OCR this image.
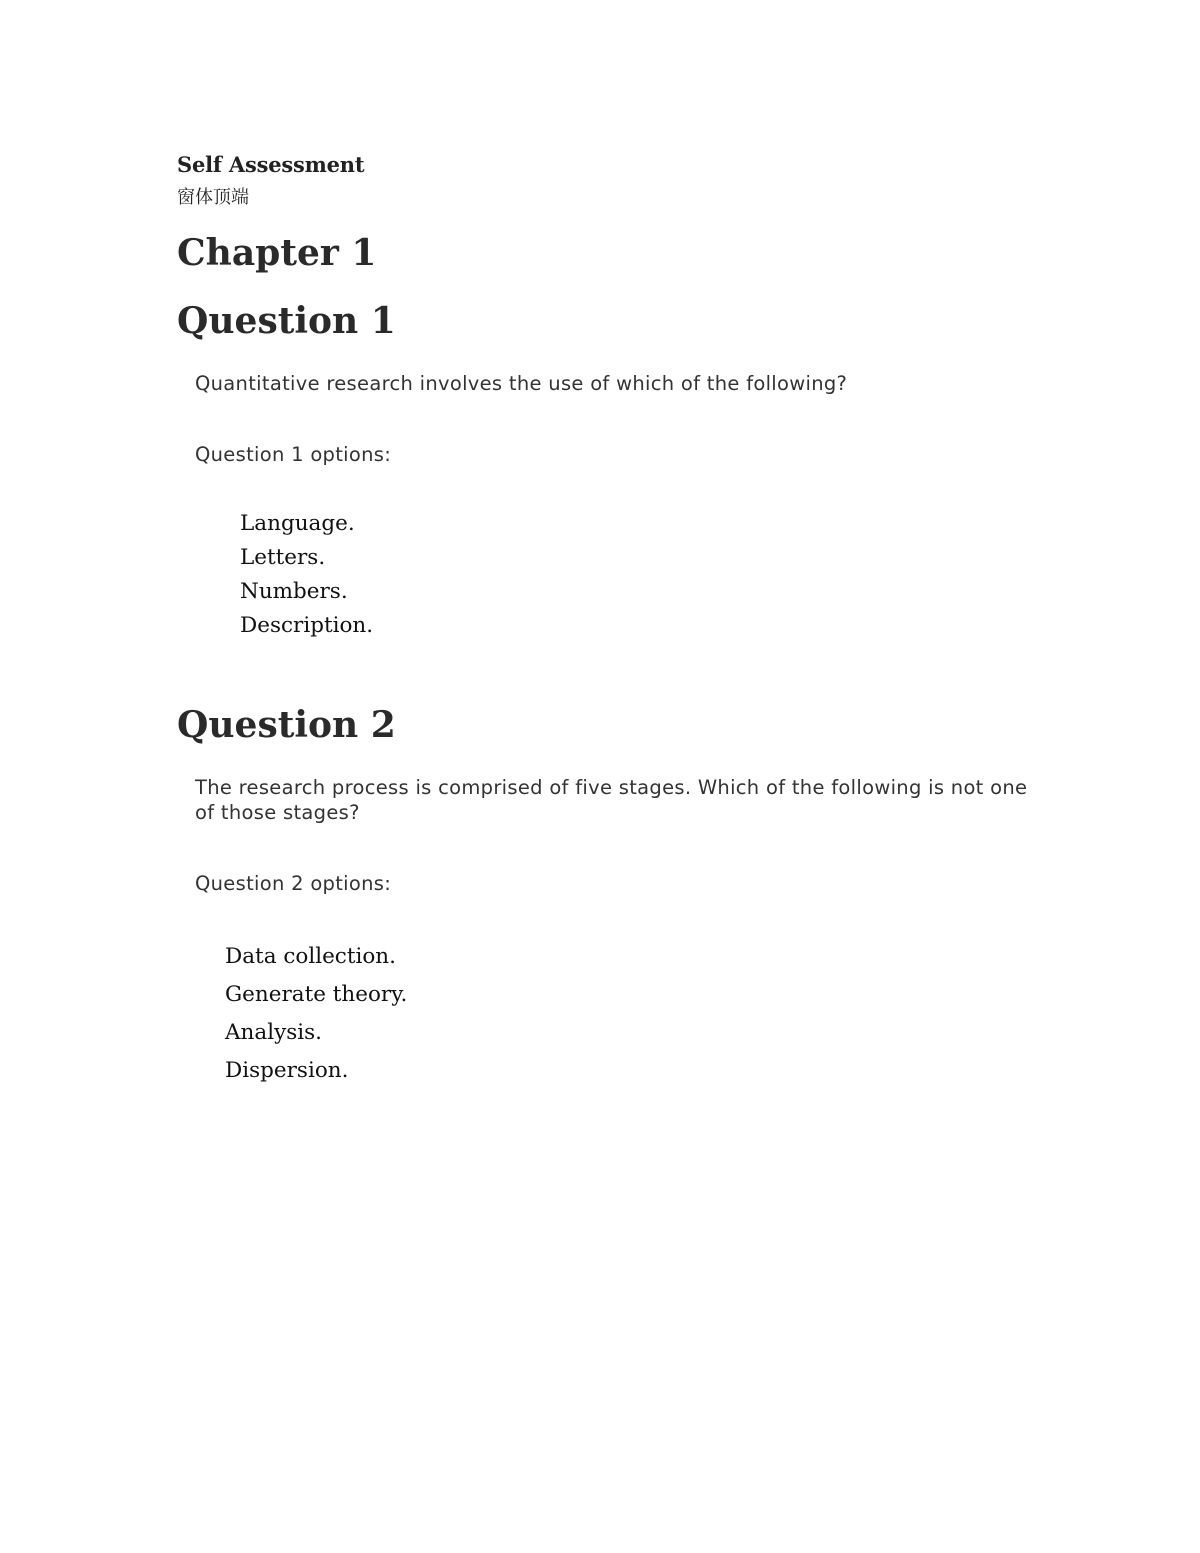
Self Assessment

窗体顶端

Chapter 1
Question 1

Quantitative research involves the use of which of the following?

Question 1 options:

Language.
Letters.
Numbers.
Description.
Question 2

The research process is comprised of five stages. Which of the following is not one of those stages?

Question 2 options:

Data collection.
Generate theory.
Analysis.
Dispersion.
